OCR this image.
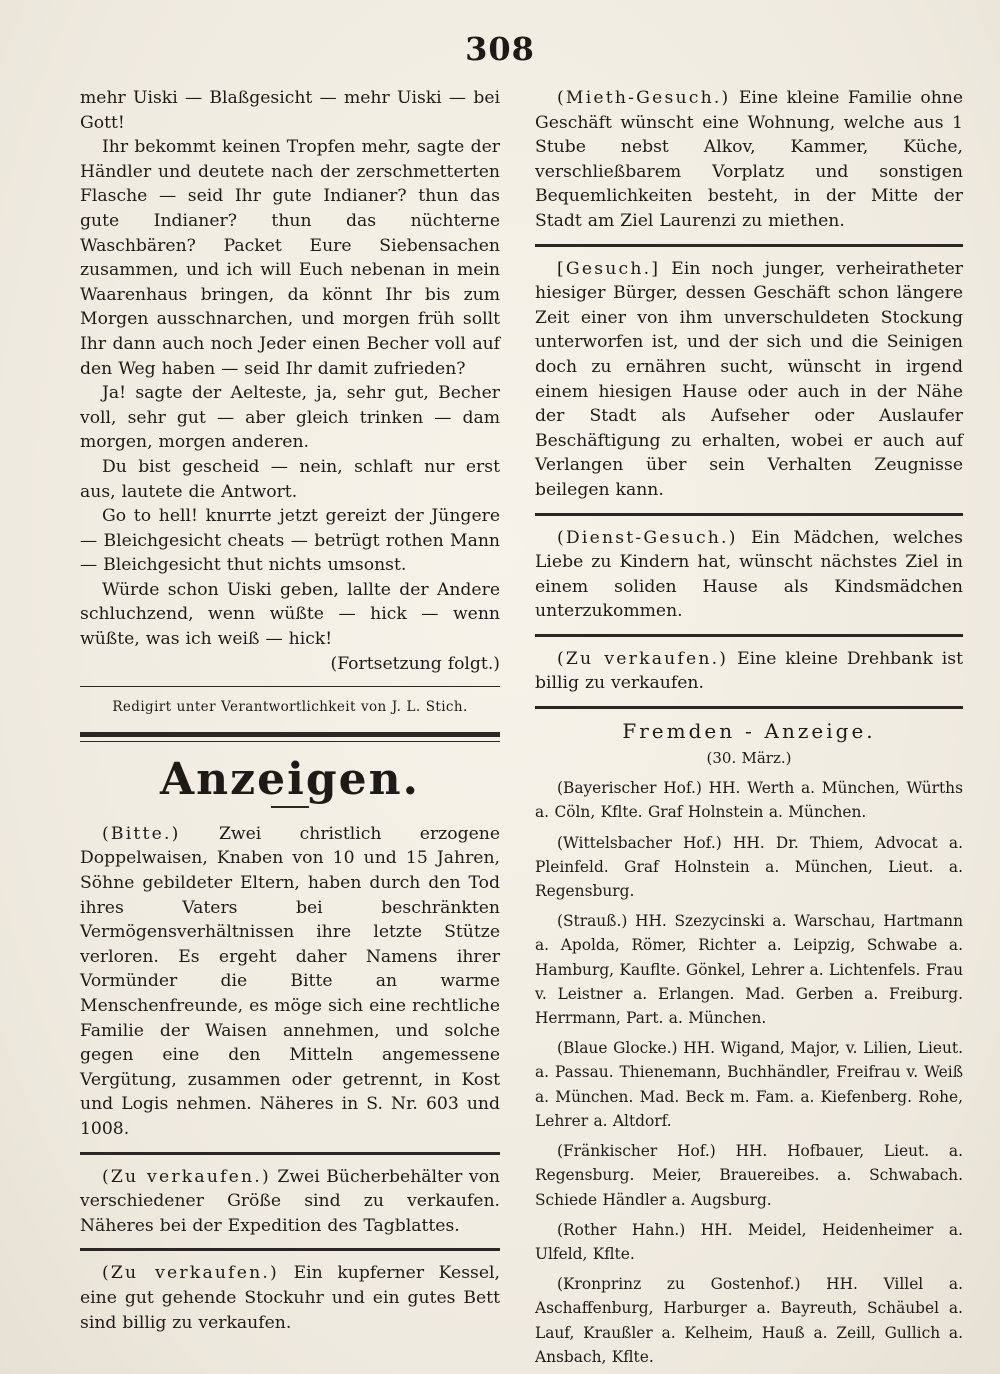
308

mehr Uiski — Blaßgesicht — mehr Uiski — bei Gott!

Ihr bekommt keinen Tropfen mehr, sagte der Händler und deutete nach der zerschmetterten Flasche — seid Ihr gute Indianer? thun das gute Indianer? thun das nüchterne Waschbären? Packet Eure Siebensachen zusammen, und ich will Euch nebenan in mein Waarenhaus bringen, da könnt Ihr bis zum Morgen ausschnarchen, und morgen früh sollt Ihr dann auch noch Jeder einen Becher voll auf den Weg haben — seid Ihr damit zufrieden?

Ja! sagte der Aelteste, ja, sehr gut, Becher voll, sehr gut — aber gleich trinken — dam morgen, morgen anderen.

Du bist gescheid — nein, schlaft nur erst aus, lautete die Antwort.

Go to hell! knurrte jetzt gereizt der Jüngere — Bleichgesicht cheats — betrügt rothen Mann — Bleichgesicht thut nichts umsonst.

Würde schon Uiski geben, lallte der Andere schluchzend, wenn wüßte — hick — wenn wüßte, was ich weiß — hick!

(Fortsetzung folgt.)

Redigirt unter Verantwortlichkeit von J. L. Stich.

Anzeigen.

(Bitte.) Zwei christlich erzogene Doppelwaisen, Knaben von 10 und 15 Jahren, Söhne gebildeter Eltern, haben durch den Tod ihres Vaters bei beschränkten Vermögensverhältnissen ihre letzte Stütze verloren. Es ergeht daher Namens ihrer Vormünder die Bitte an warme Menschenfreunde, es möge sich eine rechtliche Familie der Waisen annehmen, und solche gegen eine den Mitteln angemessene Vergütung, zusammen oder getrennt, in Kost und Logis nehmen. Näheres in S. Nr. 603 und 1008.

(Zu verkaufen.) Zwei Bücherbehälter von verschiedener Größe sind zu verkaufen. Näheres bei der Expedition des Tagblattes.

(Zu verkaufen.) Ein kupferner Kessel, eine gut gehende Stockuhr und ein gutes Bett sind billig zu verkaufen.

(Mieth-Gesuch.) Eine kleine Familie ohne Geschäft wünscht eine Wohnung, welche aus 1 Stube nebst Alkov, Kammer, Küche, verschließbarem Vorplatz und sonstigen Bequemlichkeiten besteht, in der Mitte der Stadt am Ziel Laurenzi zu miethen.

[Gesuch.] Ein noch junger, verheiratheter hiesiger Bürger, dessen Geschäft schon längere Zeit einer von ihm unverschuldeten Stockung unterworfen ist, und der sich und die Seinigen doch zu ernähren sucht, wünscht in irgend einem hiesigen Hause oder auch in der Nähe der Stadt als Aufseher oder Auslaufer Beschäftigung zu erhalten, wobei er auch auf Verlangen über sein Verhalten Zeugnisse beilegen kann.

(Dienst-Gesuch.) Ein Mädchen, welches Liebe zu Kindern hat, wünscht nächstes Ziel in einem soliden Hause als Kindsmädchen unterzukommen.

(Zu verkaufen.) Eine kleine Drehbank ist billig zu verkaufen.

Fremden - Anzeige.
(30. März.)

(Bayerischer Hof.) HH. Werth a. München, Würths a. Cöln, Kflte. Graf Holnstein a. München.

(Wittelsbacher Hof.) HH. Dr. Thiem, Advocat a. Pleinfeld. Graf Holnstein a. München, Lieut. a. Regensburg.

(Strauß.) HH. Szezycinski a. Warschau, Hartmann a. Apolda, Römer, Richter a. Leipzig, Schwabe a. Hamburg, Kauflte. Gönkel, Lehrer a. Lichtenfels. Frau v. Leistner a. Erlangen. Mad. Gerben a. Freiburg. Herrmann, Part. a. München.

(Blaue Glocke.) HH. Wigand, Major, v. Lilien, Lieut. a. Passau. Thienemann, Buchhändler, Freifrau v. Weiß a. München. Mad. Beck m. Fam. a. Kiefenberg. Rohe, Lehrer a. Altdorf.

(Fränkischer Hof.) HH. Hofbauer, Lieut. a. Regensburg. Meier, Brauereibes. a. Schwabach. Schiede Händler a. Augsburg.

(Rother Hahn.) HH. Meidel, Heidenheimer a. Ulfeld, Kflte.

(Kronprinz zu Gostenhof.) HH. Villel a. Aschaffenburg, Harburger a. Bayreuth, Schäubel a. Lauf, Kraußler a. Kelheim, Hauß a. Zeill, Gullich a. Ansbach, Kflte.
